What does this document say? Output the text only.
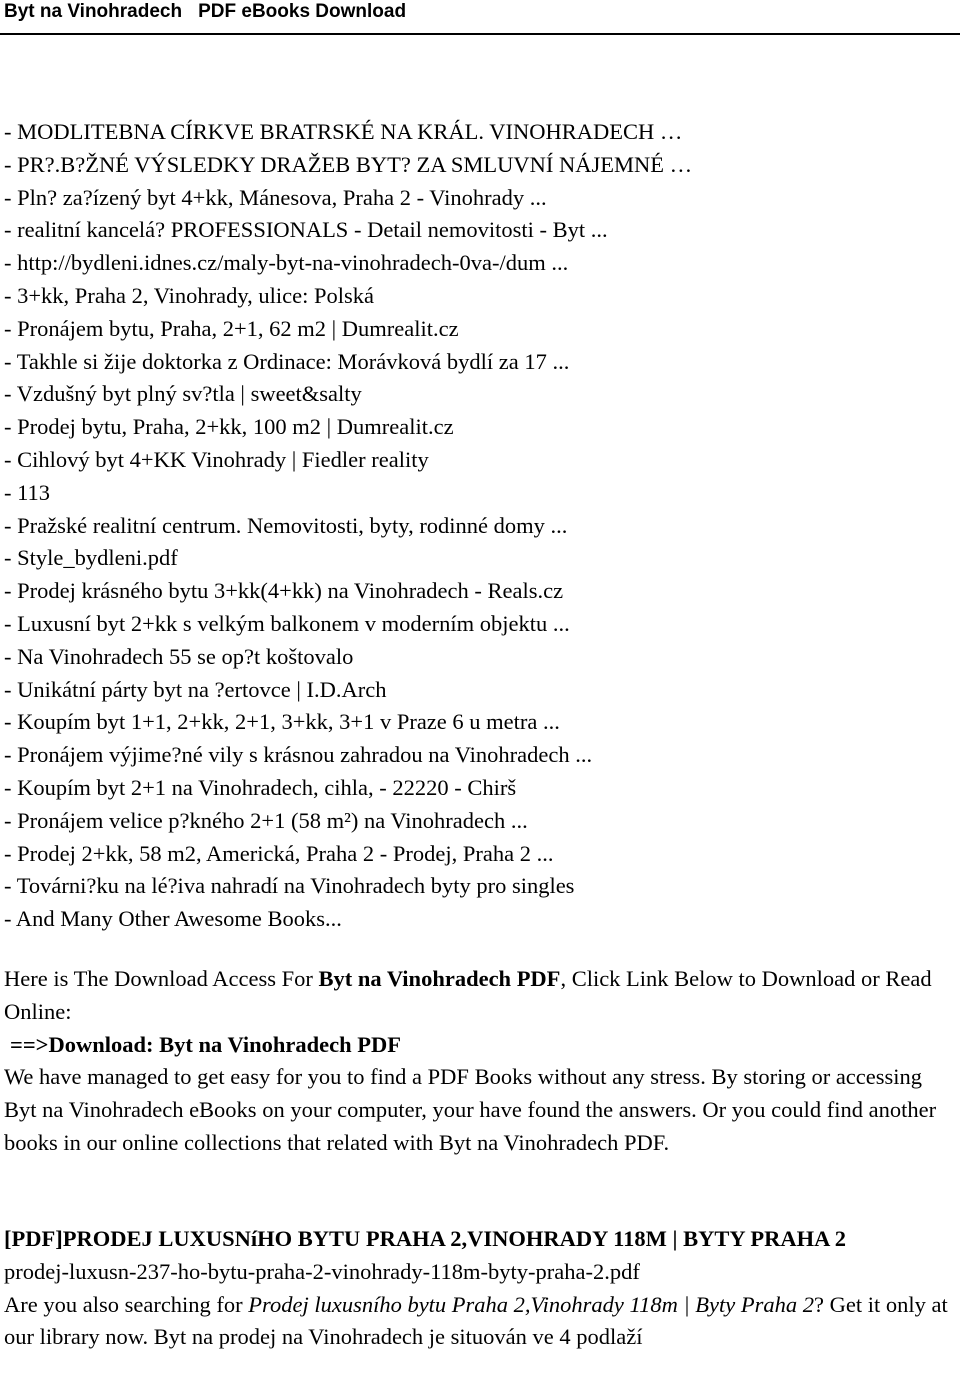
Byt na Vinohradech PDF eBooks Download
- MODLITEBNA CÍRKVE BRATRSKÉ NA KRÁL. VINOHRADECH …
- PR?.B?ŽNÉ VÝSLEDKY DRAŽEB BYT? ZA SMLUVNÍ NÁJEMNÉ …
- Pln? za?ízený byt 4+kk, Mánesova, Praha 2 - Vinohrady ...
- realitní kancelá? PROFESSIONALS - Detail nemovitosti - Byt ...
- http://bydleni.idnes.cz/maly-byt-na-vinohradech-0va-/dum ...
- 3+kk, Praha 2, Vinohrady, ulice: Polská
- Pronájem bytu, Praha, 2+1, 62 m2 | Dumrealit.cz
- Takhle si žije doktorka z Ordinace: Morávková bydlí za 17 ...
- Vzdušný byt plný sv?tla | sweet&salty
- Prodej bytu, Praha, 2+kk, 100 m2 | Dumrealit.cz
- Cihlový byt 4+KK Vinohrady | Fiedler reality
- 113
- Pražské realitní centrum. Nemovitosti, byty, rodinné domy ...
- Style_bydleni.pdf
- Prodej krásného bytu 3+kk(4+kk) na Vinohradech - Reals.cz
- Luxusní byt 2+kk s velkým balkonem v moderním objektu ...
- Na Vinohradech 55 se op?t koštovalo
- Unikátní párty byt na ?ertovce | I.D.Arch
- Koupím byt 1+1, 2+kk, 2+1, 3+kk, 3+1 v Praze 6 u metra ...
- Pronájem výjime?né vily s krásnou zahradou na Vinohradech ...
- Koupím byt 2+1 na Vinohradech, cihla, - 22220 - Chirš
- Pronájem velice p?kného 2+1 (58 m²) na Vinohradech ...
- Prodej 2+kk, 58 m2, Americká, Praha 2 - Prodej, Praha 2 ...
- Továrni?ku na lé?iva nahradí na Vinohradech byty pro singles
- And Many Other Awesome Books...
Here is The Download Access For Byt na Vinohradech PDF, Click Link Below to Download or Read Online:
==>Download: Byt na Vinohradech PDF
We have managed to get easy for you to find a PDF Books without any stress. By storing or accessing Byt na Vinohradech eBooks on your computer, your have found the answers. Or you could find another books in our online collections that related with Byt na Vinohradech PDF.
[PDF]PRODEJ LUXUSNíHO BYTU PRAHA 2,VINOHRADY 118M | BYTY PRAHA 2
prodej-luxusn-237-ho-bytu-praha-2-vinohrady-118m-byty-praha-2.pdf
Are you also searching for Prodej luxusního bytu Praha 2,Vinohrady 118m | Byty Praha 2? Get it only at our library now. Byt na prodej na Vinohradech je situován ve 4 podlaží
